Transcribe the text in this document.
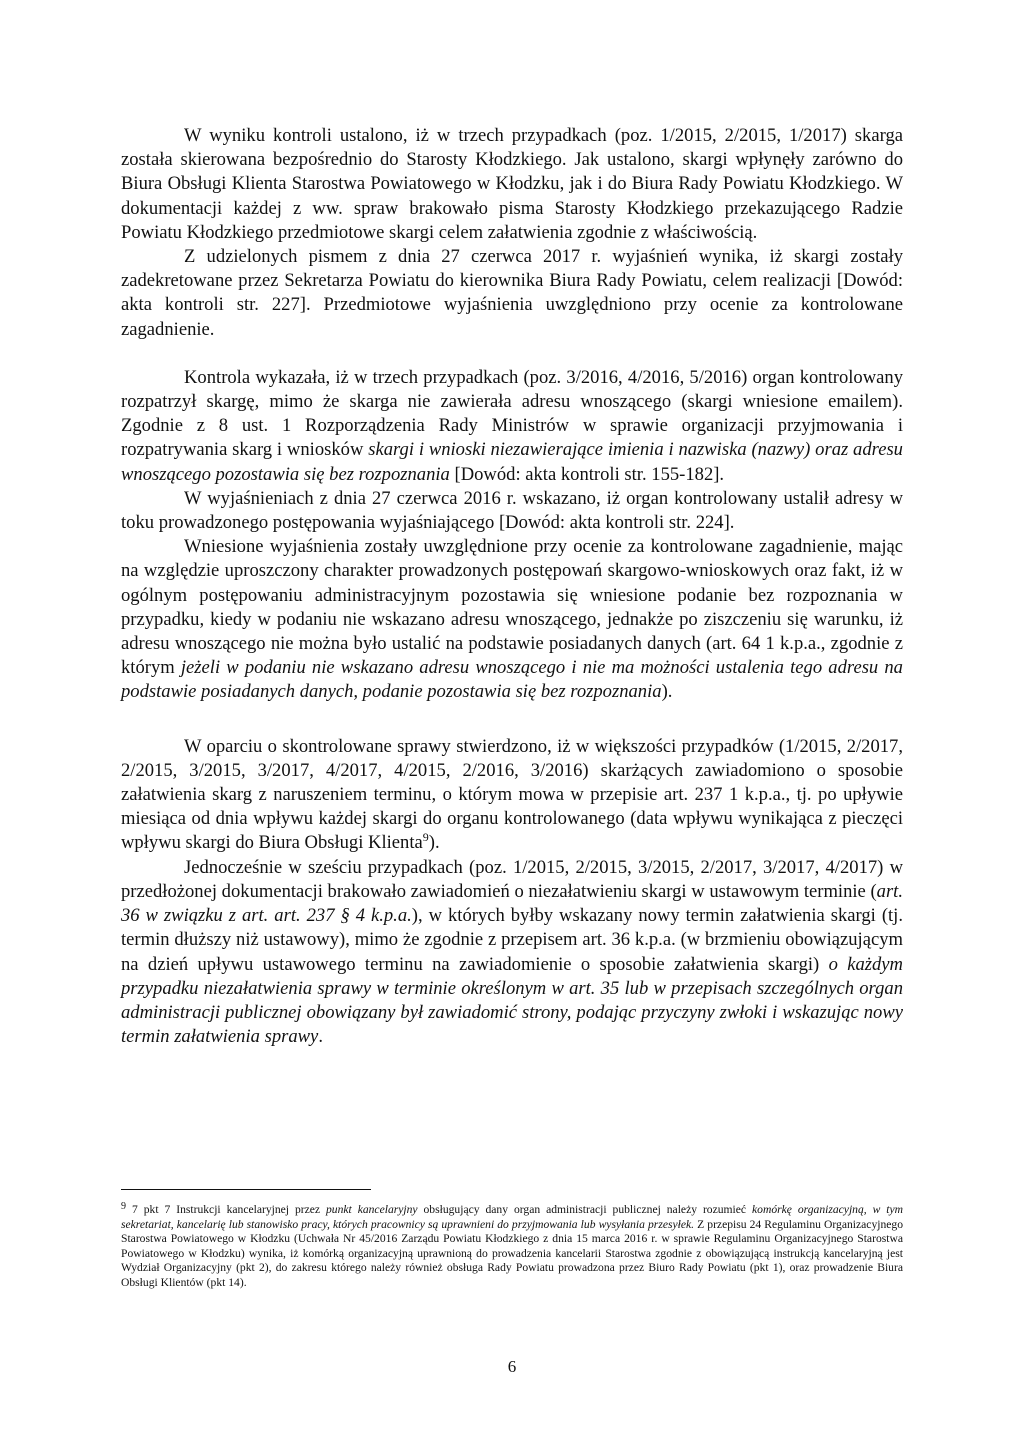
W wyniku kontroli ustalono, iż w trzech przypadkach (poz. 1/2015, 2/2015, 1/2017) skarga została skierowana bezpośrednio do Starosty Kłodzkiego. Jak ustalono, skargi wpłynęły zarówno do Biura Obsługi Klienta Starostwa Powiatowego w Kłodzku, jak i do Biura Rady Powiatu Kłodzkiego. W dokumentacji każdej z ww. spraw brakowało pisma Starosty Kłodzkiego przekazującego Radzie Powiatu Kłodzkiego przedmiotowe skargi celem załatwienia zgodnie z właściwością.

Z udzielonych pismem z dnia 27 czerwca 2017 r. wyjaśnień wynika, iż skargi zostały zadekretowane przez Sekretarza Powiatu do kierownika Biura Rady Powiatu, celem realizacji [Dowód: akta kontroli str. 227]. Przedmiotowe wyjaśnienia uwzględniono przy ocenie za kontrolowane zagadnienie.

Kontrola wykazała, iż w trzech przypadkach (poz. 3/2016, 4/2016, 5/2016) organ kontrolowany rozpatrzył skargę, mimo że skarga nie zawierała adresu wnoszącego (skargi wniesione emailem). Zgodnie z 8 ust. 1 Rozporządzenia Rady Ministrów w sprawie organizacji przyjmowania i rozpatrywania skarg i wniosków skargi i wnioski niezawierające imienia i nazwiska (nazwy) oraz adresu wnoszącego pozostawia się bez rozpoznania [Dowód: akta kontroli str. 155-182].

W wyjaśnieniach z dnia 27 czerwca 2016 r. wskazano, iż organ kontrolowany ustalił adresy w toku prowadzonego postępowania wyjaśniającego [Dowód: akta kontroli str. 224].

Wniesione wyjaśnienia zostały uwzględnione przy ocenie za kontrolowane zagadnienie, mając na względzie uproszczony charakter prowadzonych postępowań skargowo-wnioskowych oraz fakt, iż w ogólnym postępowaniu administracyjnym pozostawia się wniesione podanie bez rozpoznania w przypadku, kiedy w podaniu nie wskazano adresu wnoszącego, jednakże po ziszczeniu się warunku, iż adresu wnoszącego nie można było ustalić na podstawie posiadanych danych (art. 64 1 k.p.a., zgodnie z którym jeżeli w podaniu nie wskazano adresu wnoszącego i nie ma możności ustalenia tego adresu na podstawie posiadanych danych, podanie pozostawia się bez rozpoznania).

W oparciu o skontrolowane sprawy stwierdzono, iż w większości przypadków (1/2015, 2/2017, 2/2015, 3/2015, 3/2017, 4/2017, 4/2015, 2/2016, 3/2016) skarżących zawiadomiono o sposobie załatwienia skarg z naruszeniem terminu, o którym mowa w przepisie art. 237 1 k.p.a., tj. po upływie miesiąca od dnia wpływu każdej skargi do organu kontrolowanego (data wpływu wynikająca z pieczęci wpływu skargi do Biura Obsługi Klienta$^9$).

Jednocześnie w sześciu przypadkach (poz. 1/2015, 2/2015, 3/2015, 2/2017, 3/2017, 4/2017) w przedłożonej dokumentacji brakowało zawiadomień o niezałatwieniu skargi w ustawowym terminie (art. 36 w związku z art. art. 237 § 4 k.p.a.), w których byłby wskazany nowy termin załatwienia skargi (tj. termin dłuższy niż ustawowy), mimo że zgodnie z przepisem art. 36 k.p.a. (w brzmieniu obowiązującym na dzień upływu ustawowego terminu na zawiadomienie o sposobie załatwienia skargi) o każdym przypadku niezałatwienia sprawy w terminie określonym w art. 35 lub w przepisach szczególnych organ administracji publicznej obowiązany był zawiadomić strony, podając przyczyny zwłoki i wskazując nowy termin załatwienia sprawy.

9 7 pkt 7 Instrukcji kancelaryjnej przez punkt kancelaryjny obsługujący dany organ administracji publicznej należy rozumieć komórkę organizacyjną, w tym sekretariat, kancelarię lub stanowisko pracy, których pracownicy są uprawnieni do przyjmowania lub wysyłania przesyłek. Z przepisu 24 Regulaminu Organizacyjnego Starostwa Powiatowego w Kłodzku (Uchwała Nr 45/2016 Zarządu Powiatu Kłodzkiego z dnia 15 marca 2016 r. w sprawie Regulaminu Organizacyjnego Starostwa Powiatowego w Kłodzku) wynika, iż komórką organizacyjną uprawnioną do prowadzenia kancelarii Starostwa zgodnie z obowiązującą instrukcją kancelaryjną jest Wydział Organizacyjny (pkt 2), do zakresu którego należy również obsługa Rady Powiatu prowadzona przez Biuro Rady Powiatu (pkt 1), oraz prowadzenie Biura Obsługi Klientów (pkt 14).
6
